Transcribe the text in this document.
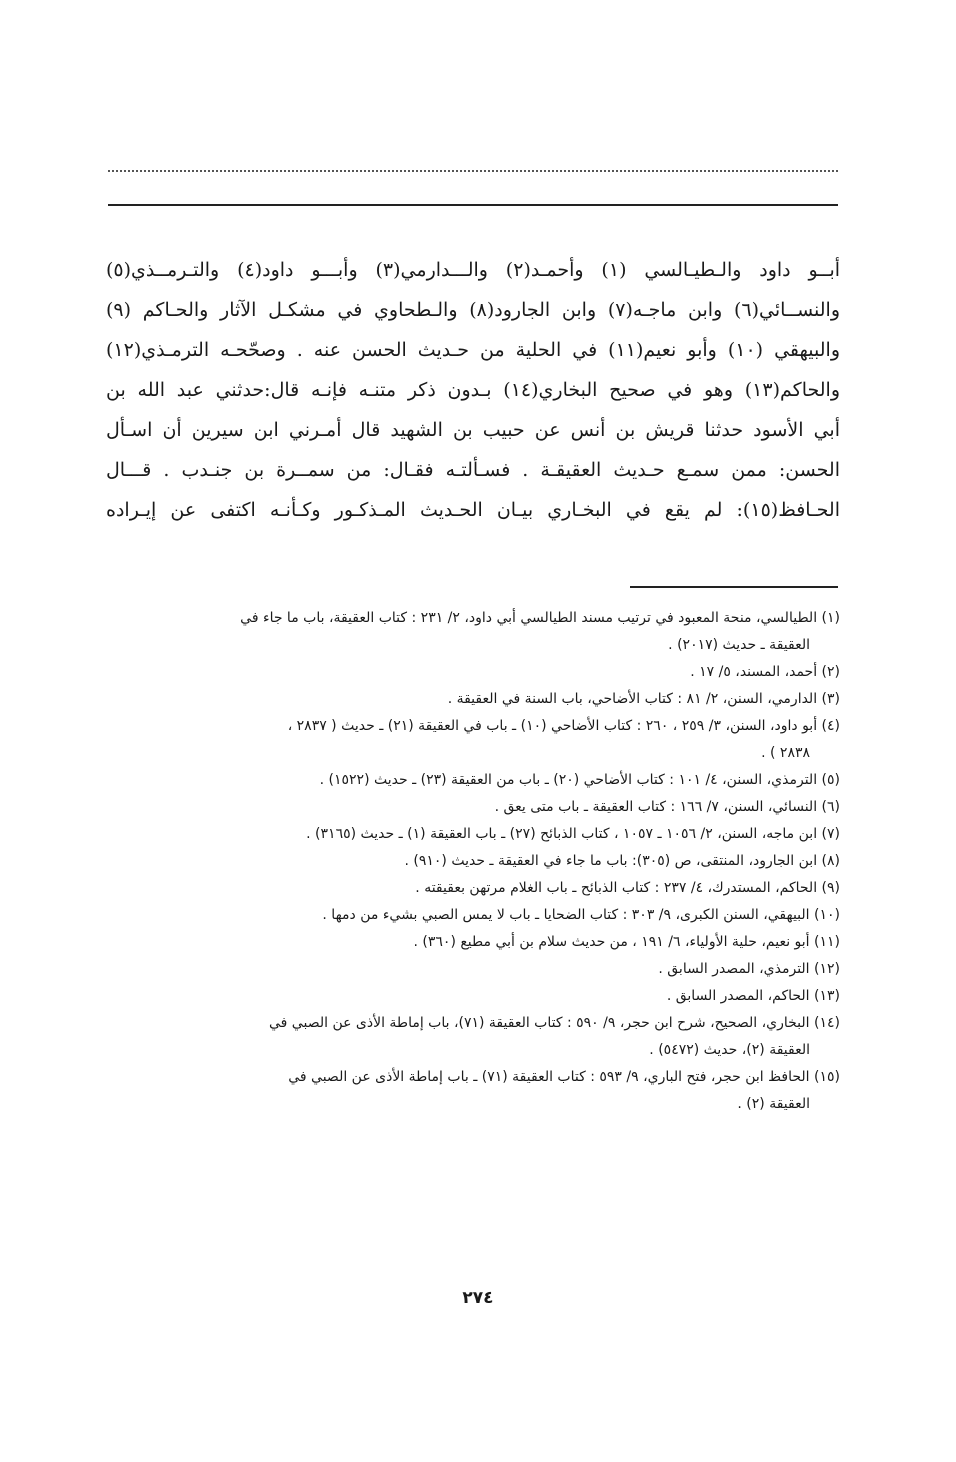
أبــو داود والـطيـالسي (١) وأحمـد(٢) والـــدارمي(٣) وأبـــو داود(٤) والتـرمــذي(٥)

والنســائي(٦) وابن ماجـه(٧) وابن الجارود(٨) والـطحاوي في مشكـل الآثار والحـاكم (٩)

والبيهقي (١٠) وأبو نعيم(١١) في الحلية من حـديث الحسن عنه . وصحّحـه الترمـذي(١٢)

والحاكم(١٣) وهو في صحيح البخاري(١٤) بـدون ذكر متنـه فإنـه قال:حدثني عبد الله بن

أبي الأسود حدثنا قريش بن أنس عن حبيب بن الشهيد قال أمـرني ابن سيرين أن اسـأل

الحسن: ممن سمـع حـديث العقيقـة . فسـألتـه فقـال: من سمــرة بن جنـدب . قـــال

الحـافظ(١٥): لم يقع في البخـاري بيـان الحـديث المـذكـور وكـأنـه اكتفى عن إيـراده

(١) الطيالسي، منحة المعبود في ترتيب مسند الطيالسي أبي داود، ٢/ ٢٣١ : كتاب العقيقة، باب ما جاء في
العقيقة ـ حديث (٢٠١٧) .
(٢) أحمد، المسند، ٥/ ١٧ .
(٣) الدارمي، السنن، ٢/ ٨١ : كتاب الأضاحي، باب السنة في العقيقة .
(٤) أبو داود، السنن، ٣/ ٢٥٩ ، ٢٦٠ : كتاب الأضاحي (١٠) ـ باب في العقيقة (٢١) ـ حديث ( ٢٨٣٧ ،
٢٨٣٨ ) .
(٥) الترمذي، السنن، ٤/ ١٠١ : كتاب الأضاحي (٢٠) ـ باب من العقيقة (٢٣) ـ حديث (١٥٢٢) .
(٦) النسائي، السنن، ٧/ ١٦٦ : كتاب العقيقة ـ باب متى يعق .
(٧) ابن ماجه، السنن، ٢/ ١٠٥٦ ـ ١٠٥٧ ، كتاب الذبائح (٢٧) ـ باب العقيقة (١) ـ حديث (٣١٦٥) .
(٨) ابن الجارود، المنتقى، ص (٣٠٥): باب ما جاء في العقيقة ـ حديث (٩١٠) .
(٩) الحاكم، المستدرك، ٤/ ٢٣٧ : كتاب الذبائح ـ باب الغلام مرتهن بعقيقته .
(١٠) البيهقي، السنن الكبرى، ٩/ ٣٠٣ : كتاب الضحايا ـ باب لا يمس الصبي بشيء من دمها .
(١١) أبو نعيم، حلية الأولياء، ٦/ ١٩١ ، من حديث سلام بن أبي مطيع (٣٦٠) .
(١٢) الترمذي، المصدر السابق .
(١٣) الحاكم، المصدر السابق .
(١٤) البخاري، الصحيح، شرح ابن حجر، ٩/ ٥٩٠ : كتاب العقيقة (٧١)، باب إماطة الأذى عن الصبي في
العقيقة (٢)، حديث (٥٤٧٢) .
(١٥) الحافظ ابن حجر، فتح الباري، ٩/ ٥٩٣ : كتاب العقيقة (٧١) ـ باب إماطة الأذى عن الصبي في
العقيقة (٢) .
٢٧٤
